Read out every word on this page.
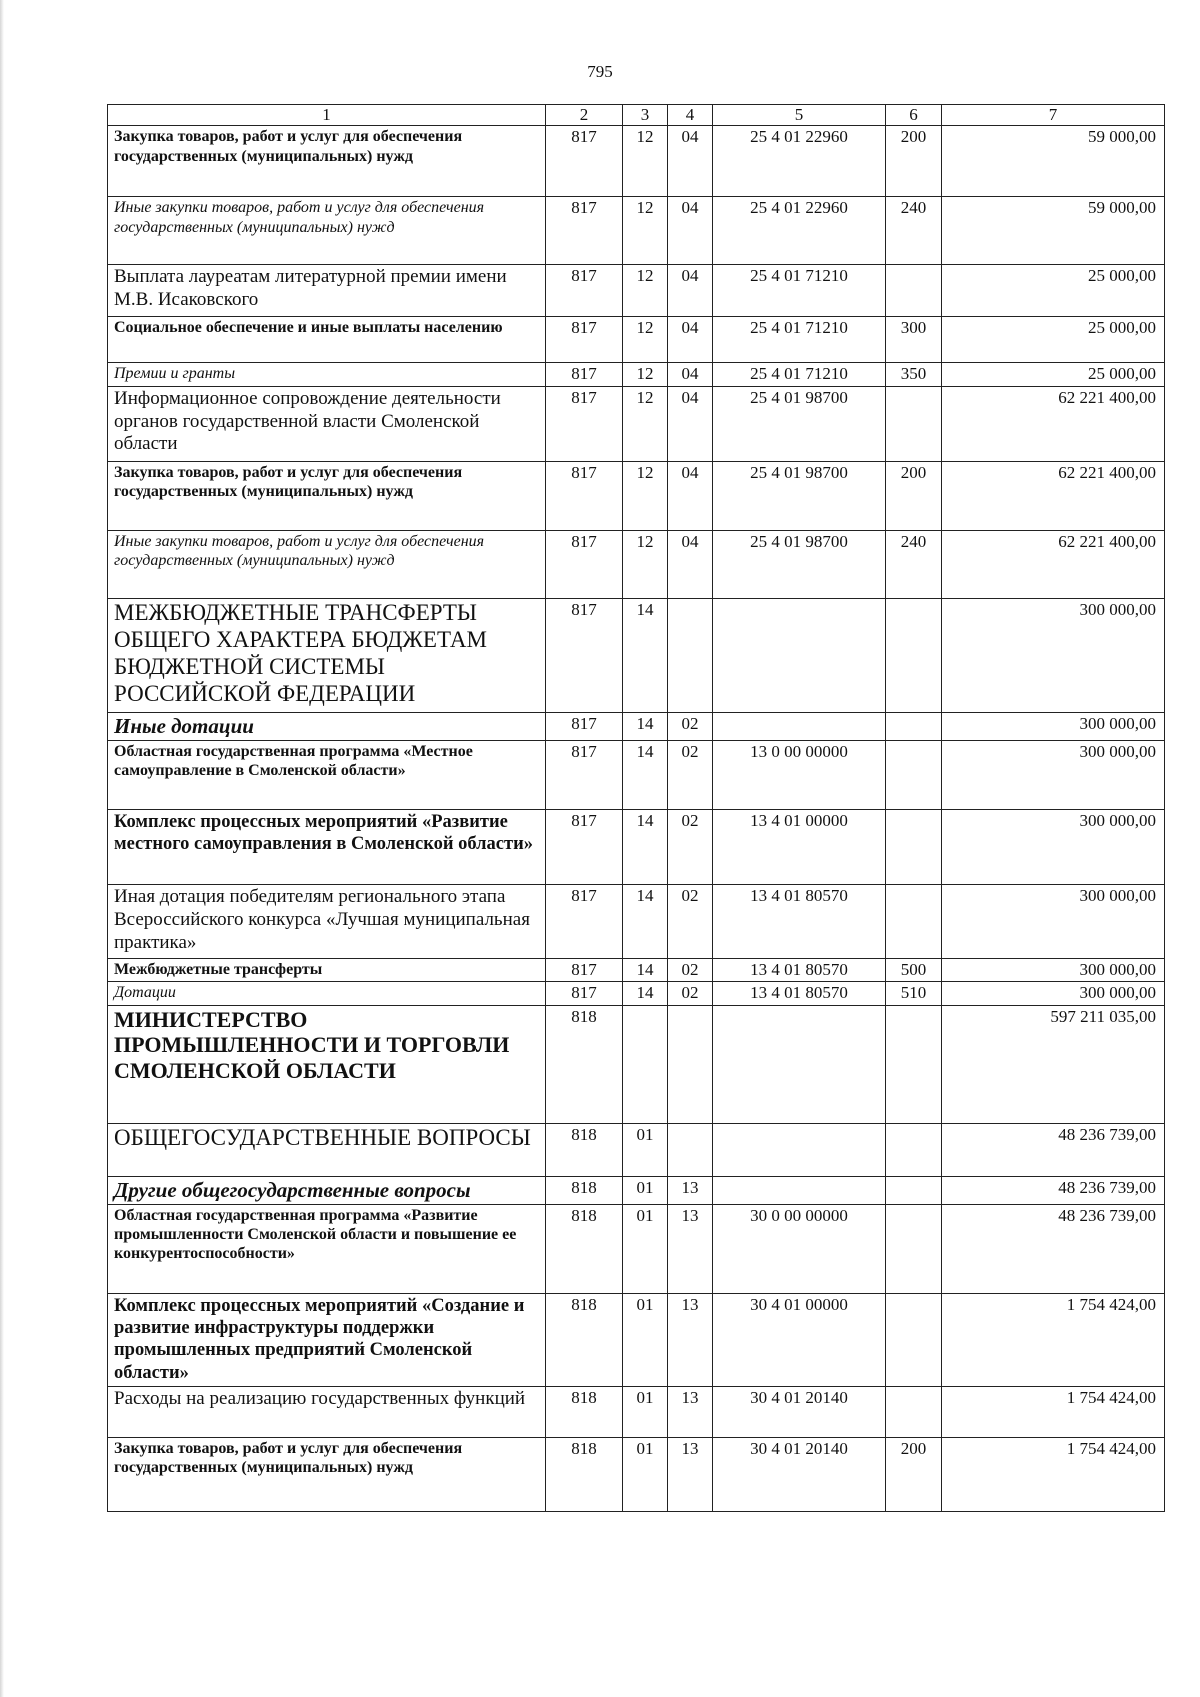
795
1	2	3	4	5	6	7
Закупка товаров, работ и услуг для обеспечения государственных (муниципальных) нужд	817	12	04	25 4 01 22960	200	59 000,00
Иные закупки товаров, работ и услуг для обеспечения государственных (муниципальных) нужд	817	12	04	25 4 01 22960	240	59 000,00
Выплата лауреатам литературной премии имени М.В. Исаковского	817	12	04	25 4 01 71210		25 000,00
Социальное обеспечение и иные выплаты населению	817	12	04	25 4 01 71210	300	25 000,00
Премии и гранты	817	12	04	25 4 01 71210	350	25 000,00
Информационное сопровождение деятельности органов государственной власти Смоленской области	817	12	04	25 4 01 98700		62 221 400,00
Закупка товаров, работ и услуг для обеспечения государственных (муниципальных) нужд	817	12	04	25 4 01 98700	200	62 221 400,00
Иные закупки товаров, работ и услуг для обеспечения государственных (муниципальных) нужд	817	12	04	25 4 01 98700	240	62 221 400,00
МЕЖБЮДЖЕТНЫЕ ТРАНСФЕРТЫ ОБЩЕГО ХАРАКТЕРА БЮДЖЕТАМ БЮДЖЕТНОЙ СИСТЕМЫ РОССИЙСКОЙ ФЕДЕРАЦИИ	817	14				300 000,00
Иные дотации	817	14	02			300 000,00
Областная государственная программа «Местное самоуправление в Смоленской области»	817	14	02	13 0 00 00000		300 000,00
Комплекс процессных мероприятий «Развитие местного самоуправления в Смоленской области»	817	14	02	13 4 01 00000		300 000,00
Иная дотация победителям регионального этапа Всероссийского конкурса «Лучшая муниципальная практика»	817	14	02	13 4 01 80570		300 000,00
Межбюджетные трансферты	817	14	02	13 4 01 80570	500	300 000,00
Дотации	817	14	02	13 4 01 80570	510	300 000,00
МИНИСТЕРСТВО ПРОМЫШЛЕННОСТИ И ТОРГОВЛИ СМОЛЕНСКОЙ ОБЛАСТИ	818					597 211 035,00
ОБЩЕГОСУДАРСТВЕННЫЕ ВОПРОСЫ	818	01				48 236 739,00
Другие общегосударственные вопросы	818	01	13			48 236 739,00
Областная государственная программа «Развитие промышленности Смоленской области и повышение ее конкурентоспособности»	818	01	13	30 0 00 00000		48 236 739,00
Комплекс процессных мероприятий «Создание и развитие инфраструктуры поддержки промышленных предприятий Смоленской области»	818	01	13	30 4 01 00000		1 754 424,00
Расходы на реализацию государственных функций	818	01	13	30 4 01 20140		1 754 424,00
Закупка товаров, работ и услуг для обеспечения государственных (муниципальных) нужд	818	01	13	30 4 01 20140	200	1 754 424,00
